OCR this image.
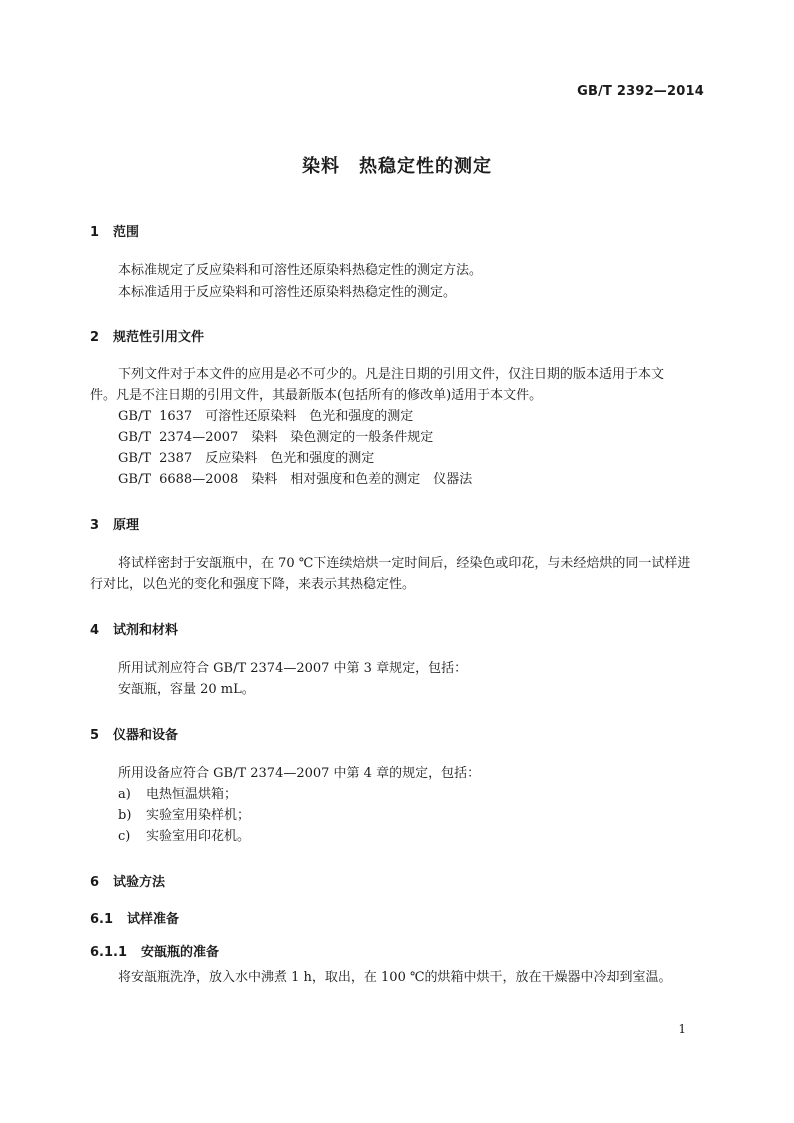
GB/T 2392—2014
染料　热稳定性的测定
1 范围
本标准规定了反应染料和可溶性还原染料热稳定性的测定方法。
本标准适用于反应染料和可溶性还原染料热稳定性的测定。
2 规范性引用文件
下列文件对于本文件的应用是必不可少的。凡是注日期的引用文件，仅注日期的版本适用于本文
件。凡是不注日期的引用文件，其最新版本(包括所有的修改单)适用于本文件。
GB/T 1637　可溶性还原染料　色光和强度的测定
GB/T 2374—2007　染料　染色测定的一般条件规定
GB/T 2387　反应染料　色光和强度的测定
GB/T 6688—2008　染料　相对强度和色差的测定　仪器法
3 原理
将试样密封于安瓿瓶中，在 70 ℃下连续焙烘一定时间后，经染色或印花，与未经焙烘的同一试样进
行对比，以色光的变化和强度下降，来表示其热稳定性。
4 试剂和材料
所用试剂应符合 GB/T 2374—2007 中第 3 章规定，包括：
安瓿瓶，容量 20 mL。
5 仪器和设备
所用设备应符合 GB/T 2374—2007 中第 4 章的规定，包括：
a) 电热恒温烘箱；
b) 实验室用染样机；
c) 实验室用印花机。
6 试验方法
6.1 试样准备
6.1.1 安瓿瓶的准备
将安瓿瓶洗净，放入水中沸煮 1 h，取出，在 100 ℃的烘箱中烘干，放在干燥器中冷却到室温。
1
